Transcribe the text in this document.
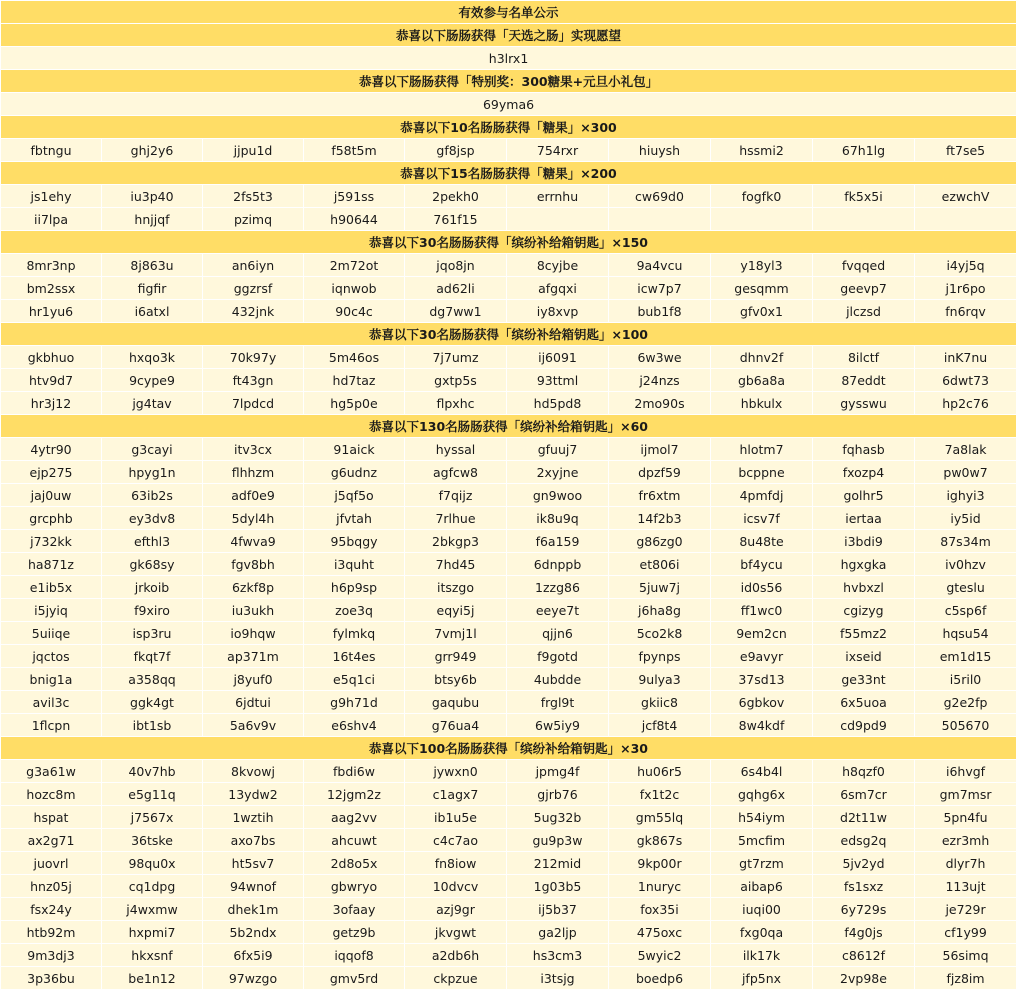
有效参与名单公示									
恭喜以下肠肠获得「天选之肠」实现愿望									
h3lrx1									
恭喜以下肠肠获得「特别奖：300糖果+元旦小礼包」									
69yma6									
恭喜以下10名肠肠获得「糖果」×300									
fbtngu	ghj2y6	jjpu1d	f58t5m	gf8jsp	754rxr	hiuysh	hssmi2	67h1lg	ft7se5
恭喜以下15名肠肠获得「糖果」×200									
js1ehy	iu3p40	2fs5t3	j591ss	2pekh0	errnhu	cw69d0	fogfk0	fk5x5i	ezwchV
ii7lpa	hnjjqf	pzimq	h90644	761f15					
恭喜以下30名肠肠获得「缤纷补给箱钥匙」×150									
8mr3np	8j863u	an6iyn	2m72ot	jqo8jn	8cyjbe	9a4vcu	y18yl3	fvqqed	i4yj5q
bm2ssx	figfir	ggzrsf	iqnwob	ad62li	afgqxi	icw7p7	gesqmm	geevp7	j1r6po
hr1yu6	i6atxl	432jnk	90c4c	dg7ww1	iy8xvp	bub1f8	gfv0x1	jlczsd	fn6rqv
恭喜以下30名肠肠获得「缤纷补给箱钥匙」×100									
gkbhuo	hxqo3k	70k97y	5m46os	7j7umz	ij6091	6w3we	dhnv2f	8ilctf	inK7nu
htv9d7	9cype9	ft43gn	hd7taz	gxtp5s	93ttml	j24nzs	gb6a8a	87eddt	6dwt73
hr3j12	jg4tav	7lpdcd	hg5p0e	flpxhc	hd5pd8	2mo90s	hbkulx	gysswu	hp2c76
恭喜以下130名肠肠获得「缤纷补给箱钥匙」×60									
4ytr90	g3cayi	itv3cx	91aick	hyssal	gfuuj7	ijmol7	hlotm7	fqhasb	7a8lak
ejp275	hpyg1n	flhhzm	g6udnz	agfcw8	2xyjne	dpzf59	bcppne	fxozp4	pw0w7
jaj0uw	63ib2s	adf0e9	j5qf5o	f7qijz	gn9woo	fr6xtm	4pmfdj	golhr5	ighyi3
grcphb	ey3dv8	5dyl4h	jfvtah	7rlhue	ik8u9q	14f2b3	icsv7f	iertaa	iy5id
j732kk	efthl3	4fwva9	95bqgy	2bkgp3	f6a159	g86zg0	8u48te	i3bdi9	87s34m
ha871z	gk68sy	fgv8bh	i3quht	7hd45	6dnppb	et806i	bf4ycu	hgxgka	iv0hzv
e1ib5x	jrkoib	6zkf8p	h6p9sp	itszgo	1zzg86	5juw7j	id0s56	hvbxzl	gteslu
i5jyiq	f9xiro	iu3ukh	zoe3q	eqyi5j	eeye7t	j6ha8g	ff1wc0	cgizyg	c5sp6f
5uiiqe	isp3ru	io9hqw	fylmkq	7vmj1l	qjjn6	5co2k8	9em2cn	f55mz2	hqsu54
jqctos	fkqt7f	ap371m	16t4es	grr949	f9gotd	fpynps	e9avyr	ixseid	em1d15
bnig1a	a358qq	j8yuf0	e5q1ci	btsy6b	4ubdde	9ulya3	37sd13	ge33nt	i5ril0
avil3c	ggk4gt	6jdtui	g9h71d	gaqubu	frgl9t	gkiic8	6gbkov	6x5uoa	g2e2fp
1flcpn	ibt1sb	5a6v9v	e6shv4	g76ua4	6w5iy9	jcf8t4	8w4kdf	cd9pd9	505670
恭喜以下100名肠肠获得「缤纷补给箱钥匙」×30									
g3a61w	40v7hb	8kvowj	fbdi6w	jywxn0	jpmg4f	hu06r5	6s4b4l	h8qzf0	i6hvgf
hozc8m	e5g11q	13ydw2	12jgm2z	c1agx7	gjrb76	fx1t2c	gqhg6x	6sm7cr	gm7msr
hspat	j7567x	1wztih	aag2vv	ib1u5e	5ug32b	gm55lq	h54iym	d2t11w	5pn4fu
ax2g71	36tske	axo7bs	ahcuwt	c4c7ao	gu9p3w	gk867s	5mcfim	edsg2q	ezr3mh
juovrl	98qu0x	ht5sv7	2d8o5x	fn8iow	212mid	9kp00r	gt7rzm	5jv2yd	dlyr7h
hnz05j	cq1dpg	94wnof	gbwryo	10dvcv	1g03b5	1nuryc	aibap6	fs1sxz	113ujt
fsx24y	j4wxmw	dhek1m	3ofaay	azj9gr	ij5b37	fox35i	iuqi00	6y729s	je729r
htb92m	hxpmi7	5b2ndx	getz9b	jkvgwt	ga2ljp	475oxc	fxg0qa	f4g0js	cf1y99
9m3dj3	hkxsnf	6fx5i9	iqqof8	a2db6h	hs3cm3	5wyic2	ilk17k	c8612f	56simq
3p36bu	be1n12	97wzgo	gmv5rd	ckpzue	i3tsjg	boedp6	jfp5nx	2vp98e	fjz8im
